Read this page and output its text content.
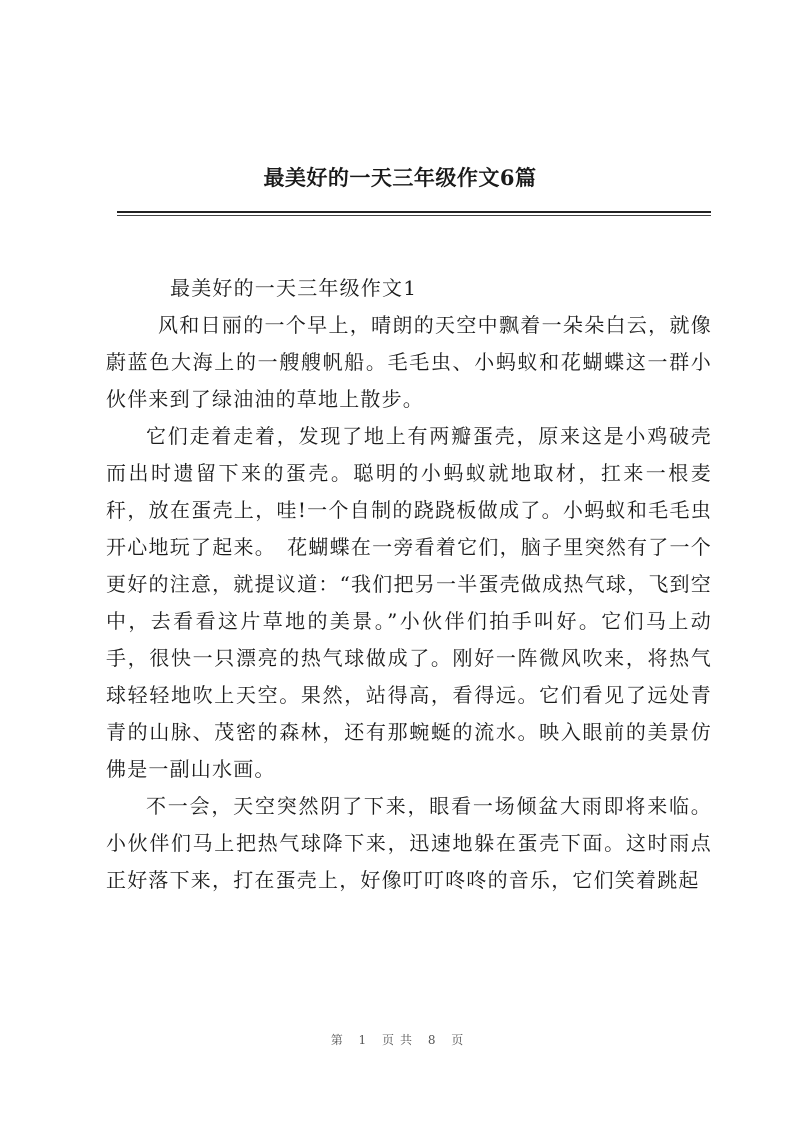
最美好的一天三年级作文6篇

最美好的一天三年级作文1

风和日丽的一个早上，晴朗的天空中飘着一朵朵白云，就像蔚蓝色大海上的一艘艘帆船。毛毛虫、小蚂蚁和花蝴蝶这一群小伙伴来到了绿油油的草地上散步。

它们走着走着，发现了地上有两瓣蛋壳，原来这是小鸡破壳而出时遗留下来的蛋壳。聪明的小蚂蚁就地取材，扛来一根麦秆，放在蛋壳上，哇!一个自制的跷跷板做成了。小蚂蚁和毛毛虫开心地玩了起来。　花蝴蝶在一旁看着它们，脑子里突然有了一个更好的注意，就提议道：“我们把另一半蛋壳做成热气球，飞到空中，去看看这片草地的美景。”小伙伴们拍手叫好。它们马上动手，很快一只漂亮的热气球做成了。刚好一阵微风吹来，将热气球轻轻地吹上天空。果然，站得高，看得远。它们看见了远处青青的山脉、茂密的森林，还有那蜿蜒的流水。映入眼前的美景仿佛是一副山水画。

不一会，天空突然阴了下来，眼看一场倾盆大雨即将来临。小伙伴们马上把热气球降下来，迅速地躲在蛋壳下面。这时雨点正好落下来，打在蛋壳上，好像叮叮咚咚的音乐，它们笑着跳起

第 1 页共 8 页
